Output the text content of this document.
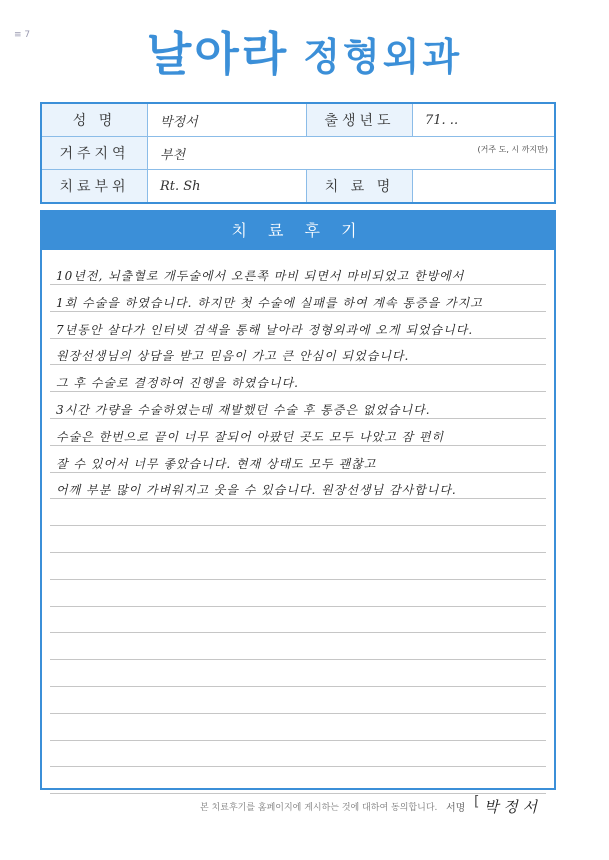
≡ 7	날아라 정형외과
성 명	박정서	출생년도	71. ..
거주지역	부천 (거주 도, 시 까지만)		

치료부위	Rt. Sh	치 료 명	
치 료 후 기
10년전, 뇌출혈로 개두술에서 오른쪽 마비 되면서 마비되었고 한방에서
1회 수술을 하였습니다. 하지만 첫 수술에 실패를 하여 계속 통증을 가지고
7년동안 살다가 인터넷 검색을 통해 날아라 정형외과에 오게 되었습니다.
원장선생님의 상담을 받고 믿음이 가고 큰 안심이 되었습니다.
그 후 수술로 결정하여 진행을 하였습니다.
3시간 가량을 수술하였는데 재발했던 수술 후 통증은 없었습니다.
수술은 한번으로 끝이 너무 잘되어 아팠던 곳도 모두 나았고 잠 편히
잘 수 있어서 너무 좋았습니다. 현재 상태도 모두 괜찮고
어깨 부분 많이 가벼워지고 웃을 수 있습니다. 원장선생님 감사합니다.
본 치료후기를 홈페이지에 게시하는 것에 대하여 동의합니다. 서명 [ 박 정 서
